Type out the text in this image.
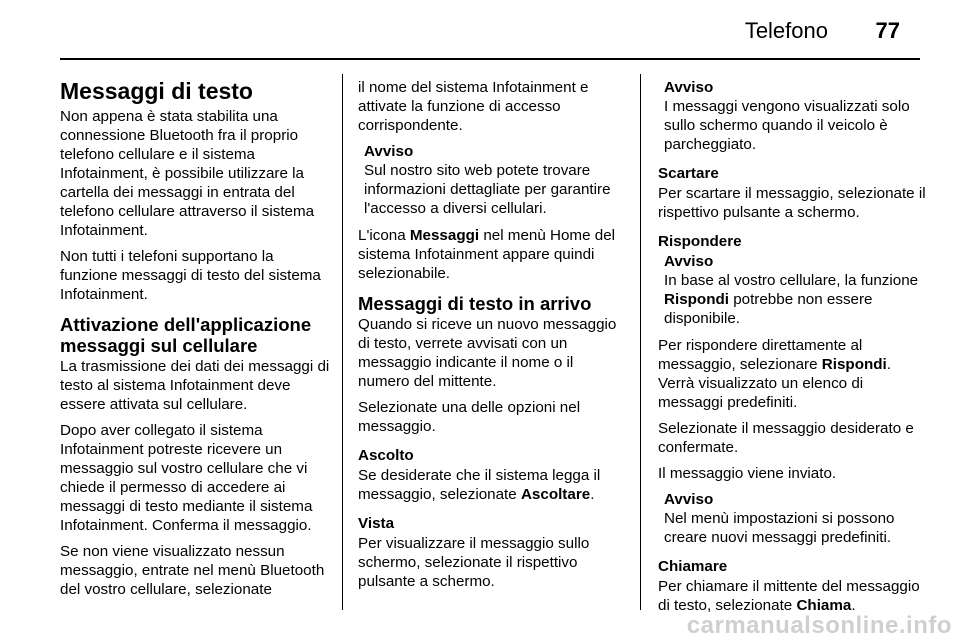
Telefono 77
Messaggi di testo

Non appena è stata stabilita una connessione Bluetooth fra il proprio telefono cellulare e il sistema Infotainment, è possibile utilizzare la cartella dei messaggi in entrata del telefono cellulare attraverso il sistema Infotainment.

Non tutti i telefoni supportano la funzione messaggi di testo del sistema Infotainment.

Attivazione dell'applicazione messaggi sul cellulare

La trasmissione dei dati dei messaggi di testo al sistema Infotainment deve essere attivata sul cellulare.

Dopo aver collegato il sistema Infotainment potreste ricevere un messaggio sul vostro cellulare che vi chiede il permesso di accedere ai messaggi di testo mediante il sistema Infotainment. Conferma il messaggio.

Se non viene visualizzato nessun messaggio, entrate nel menù Bluetooth del vostro cellulare, selezionate

il nome del sistema Infotainment e attivate la funzione di accesso corrispondente.

Avviso
Sul nostro sito web potete trovare informazioni dettagliate per garantire l'accesso a diversi cellulari.

L'icona Messaggi nel menù Home del sistema Infotainment appare quindi selezionabile.

Messaggi di testo in arrivo

Quando si riceve un nuovo messaggio di testo, verrete avvisati con un messaggio indicante il nome o il numero del mittente.

Selezionate una delle opzioni nel messaggio.

Ascolto

Se desiderate che il sistema legga il messaggio, selezionate Ascoltare.

Vista

Per visualizzare il messaggio sullo schermo, selezionate il rispettivo pulsante a schermo.

Avviso
I messaggi vengono visualizzati solo sullo schermo quando il veicolo è parcheggiato.
Scartare

Per scartare il messaggio, selezionate il rispettivo pulsante a schermo.

Rispondere
Avviso
In base al vostro cellulare, la funzione Rispondi potrebbe non essere disponibile.

Per rispondere direttamente al messaggio, selezionare Rispondi. Verrà visualizzato un elenco di messaggi predefiniti.

Selezionate il messaggio desiderato e confermate.

Il messaggio viene inviato.

Avviso
Nel menù impostazioni si possono creare nuovi messaggi predefiniti.
Chiamare

Per chiamare il mittente del messaggio di testo, selezionate Chiama.

carmanualsonline.info
